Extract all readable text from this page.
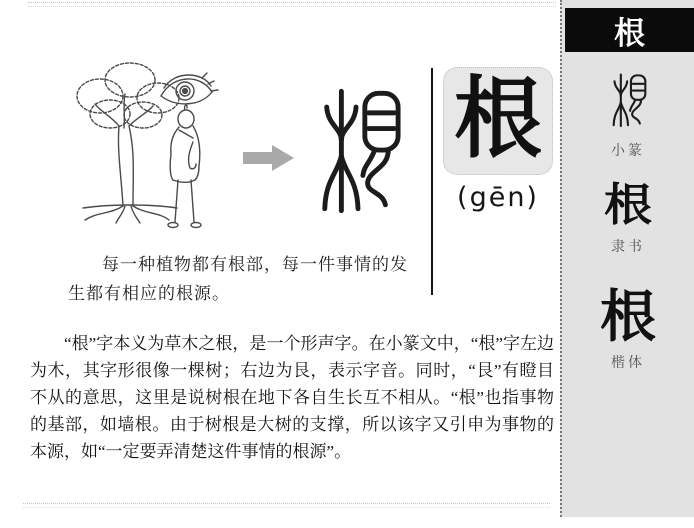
根
(gēn)
每一种植物都有根部，每一件事情的发生都有相应的根源。
“根”字本义为草木之根，是一个形声字。在小篆文中，“根”字左边为木，其字形很像一棵树；右边为艮，表示字音。同时，“艮”有瞪目不从的意思，这里是说树根在地下各自生长互不相从。“根”也指事物的基部，如墙根。由于树根是大树的支撑，所以该字又引申为事物的本源，如“一定要弄清楚这件事情的根源”。
根
小篆
根
隶书
根
楷体
